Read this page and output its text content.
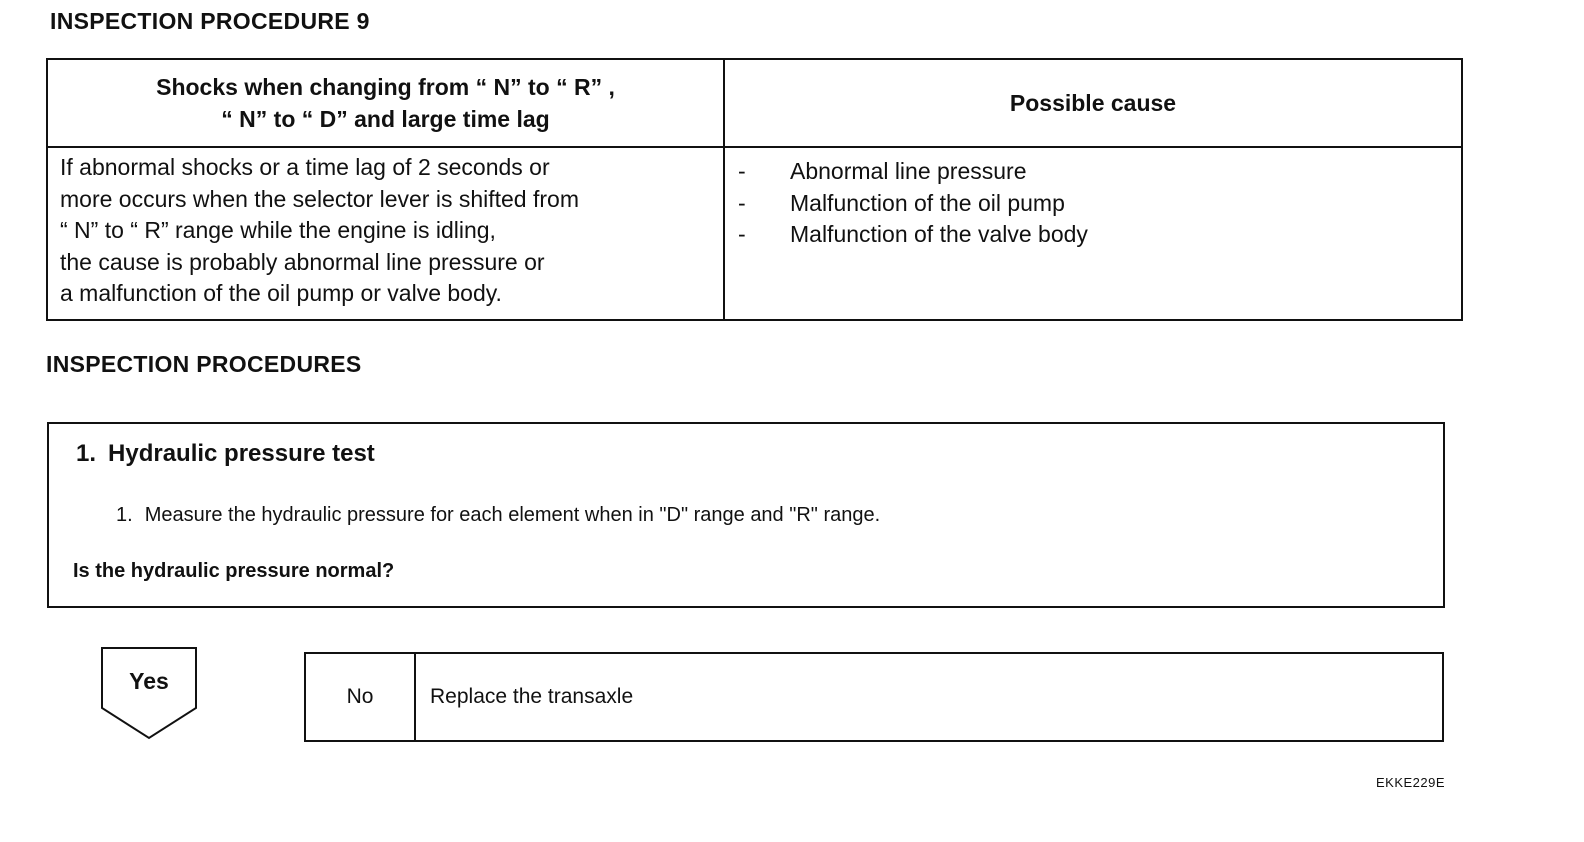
INSPECTION PROCEDURE 9
Shocks when changing from “ N” to “ R” ,
“ N” to “ D” and large time lag
Possible cause
If abnormal shocks or a time lag of 2 seconds or
more occurs when the selector lever is shifted from
“ N” to “ R” range while the engine is idling,
the cause is probably abnormal line pressure or
a malfunction of the oil pump or valve body.
- Abnormal line pressure
- Malfunction of the oil pump
- Malfunction of the valve body
INSPECTION PROCEDURES
1. Hydraulic pressure test
1. Measure the hydraulic pressure for each element when in "D" range and "R" range.
Is the hydraulic pressure normal?
Yes
No	Replace the transaxle
EKKE229E
